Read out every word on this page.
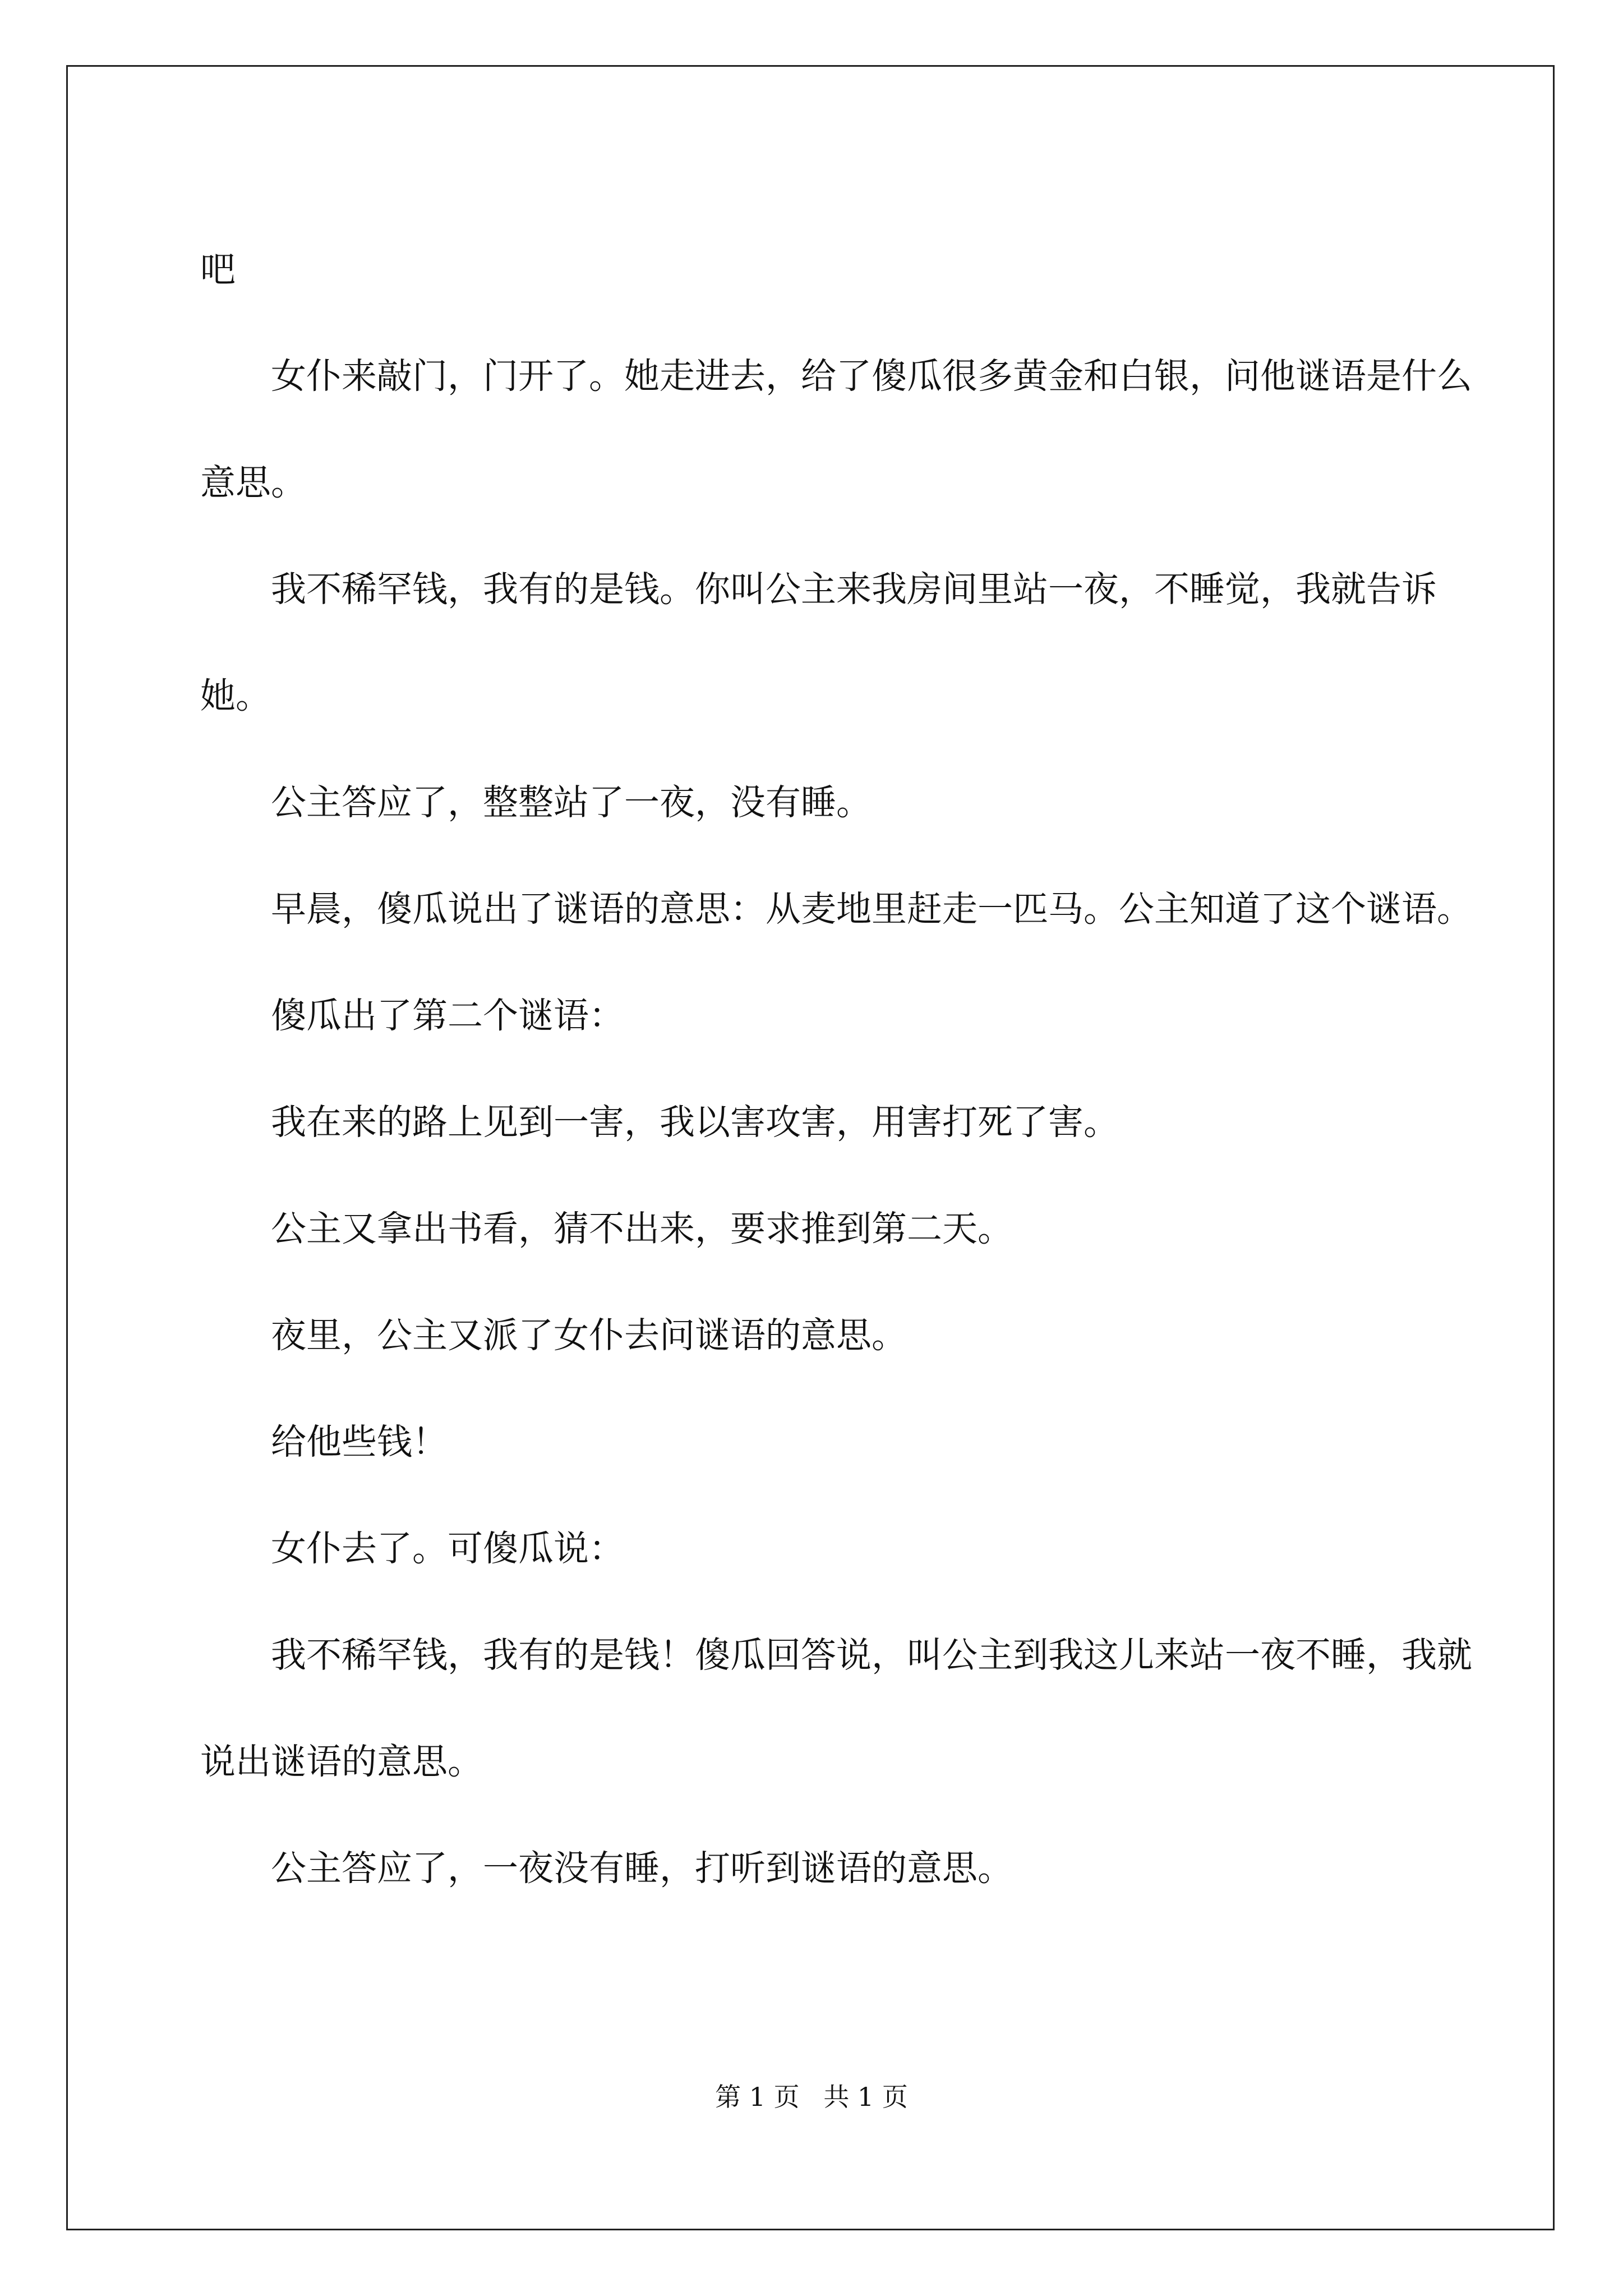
吧

女仆来敲门，门开了。她走进去，给了傻瓜很多黄金和白银，问他谜语是什么意思。

我不稀罕钱，我有的是钱。你叫公主来我房间里站一夜，不睡觉，我就告诉她。

公主答应了，整整站了一夜，没有睡。

早晨，傻瓜说出了谜语的意思：从麦地里赶走一匹马。公主知道了这个谜语。

傻瓜出了第二个谜语：

我在来的路上见到一害，我以害攻害，用害打死了害。

公主又拿出书看，猜不出来，要求推到第二天。

夜里，公主又派了女仆去问谜语的意思。

给他些钱！

女仆去了。可傻瓜说：

我不稀罕钱，我有的是钱！傻瓜回答说，叫公主到我这儿来站一夜不睡，我就说出谜语的意思。

公主答应了，一夜没有睡，打听到谜语的意思。

第 1 页 共 1 页
